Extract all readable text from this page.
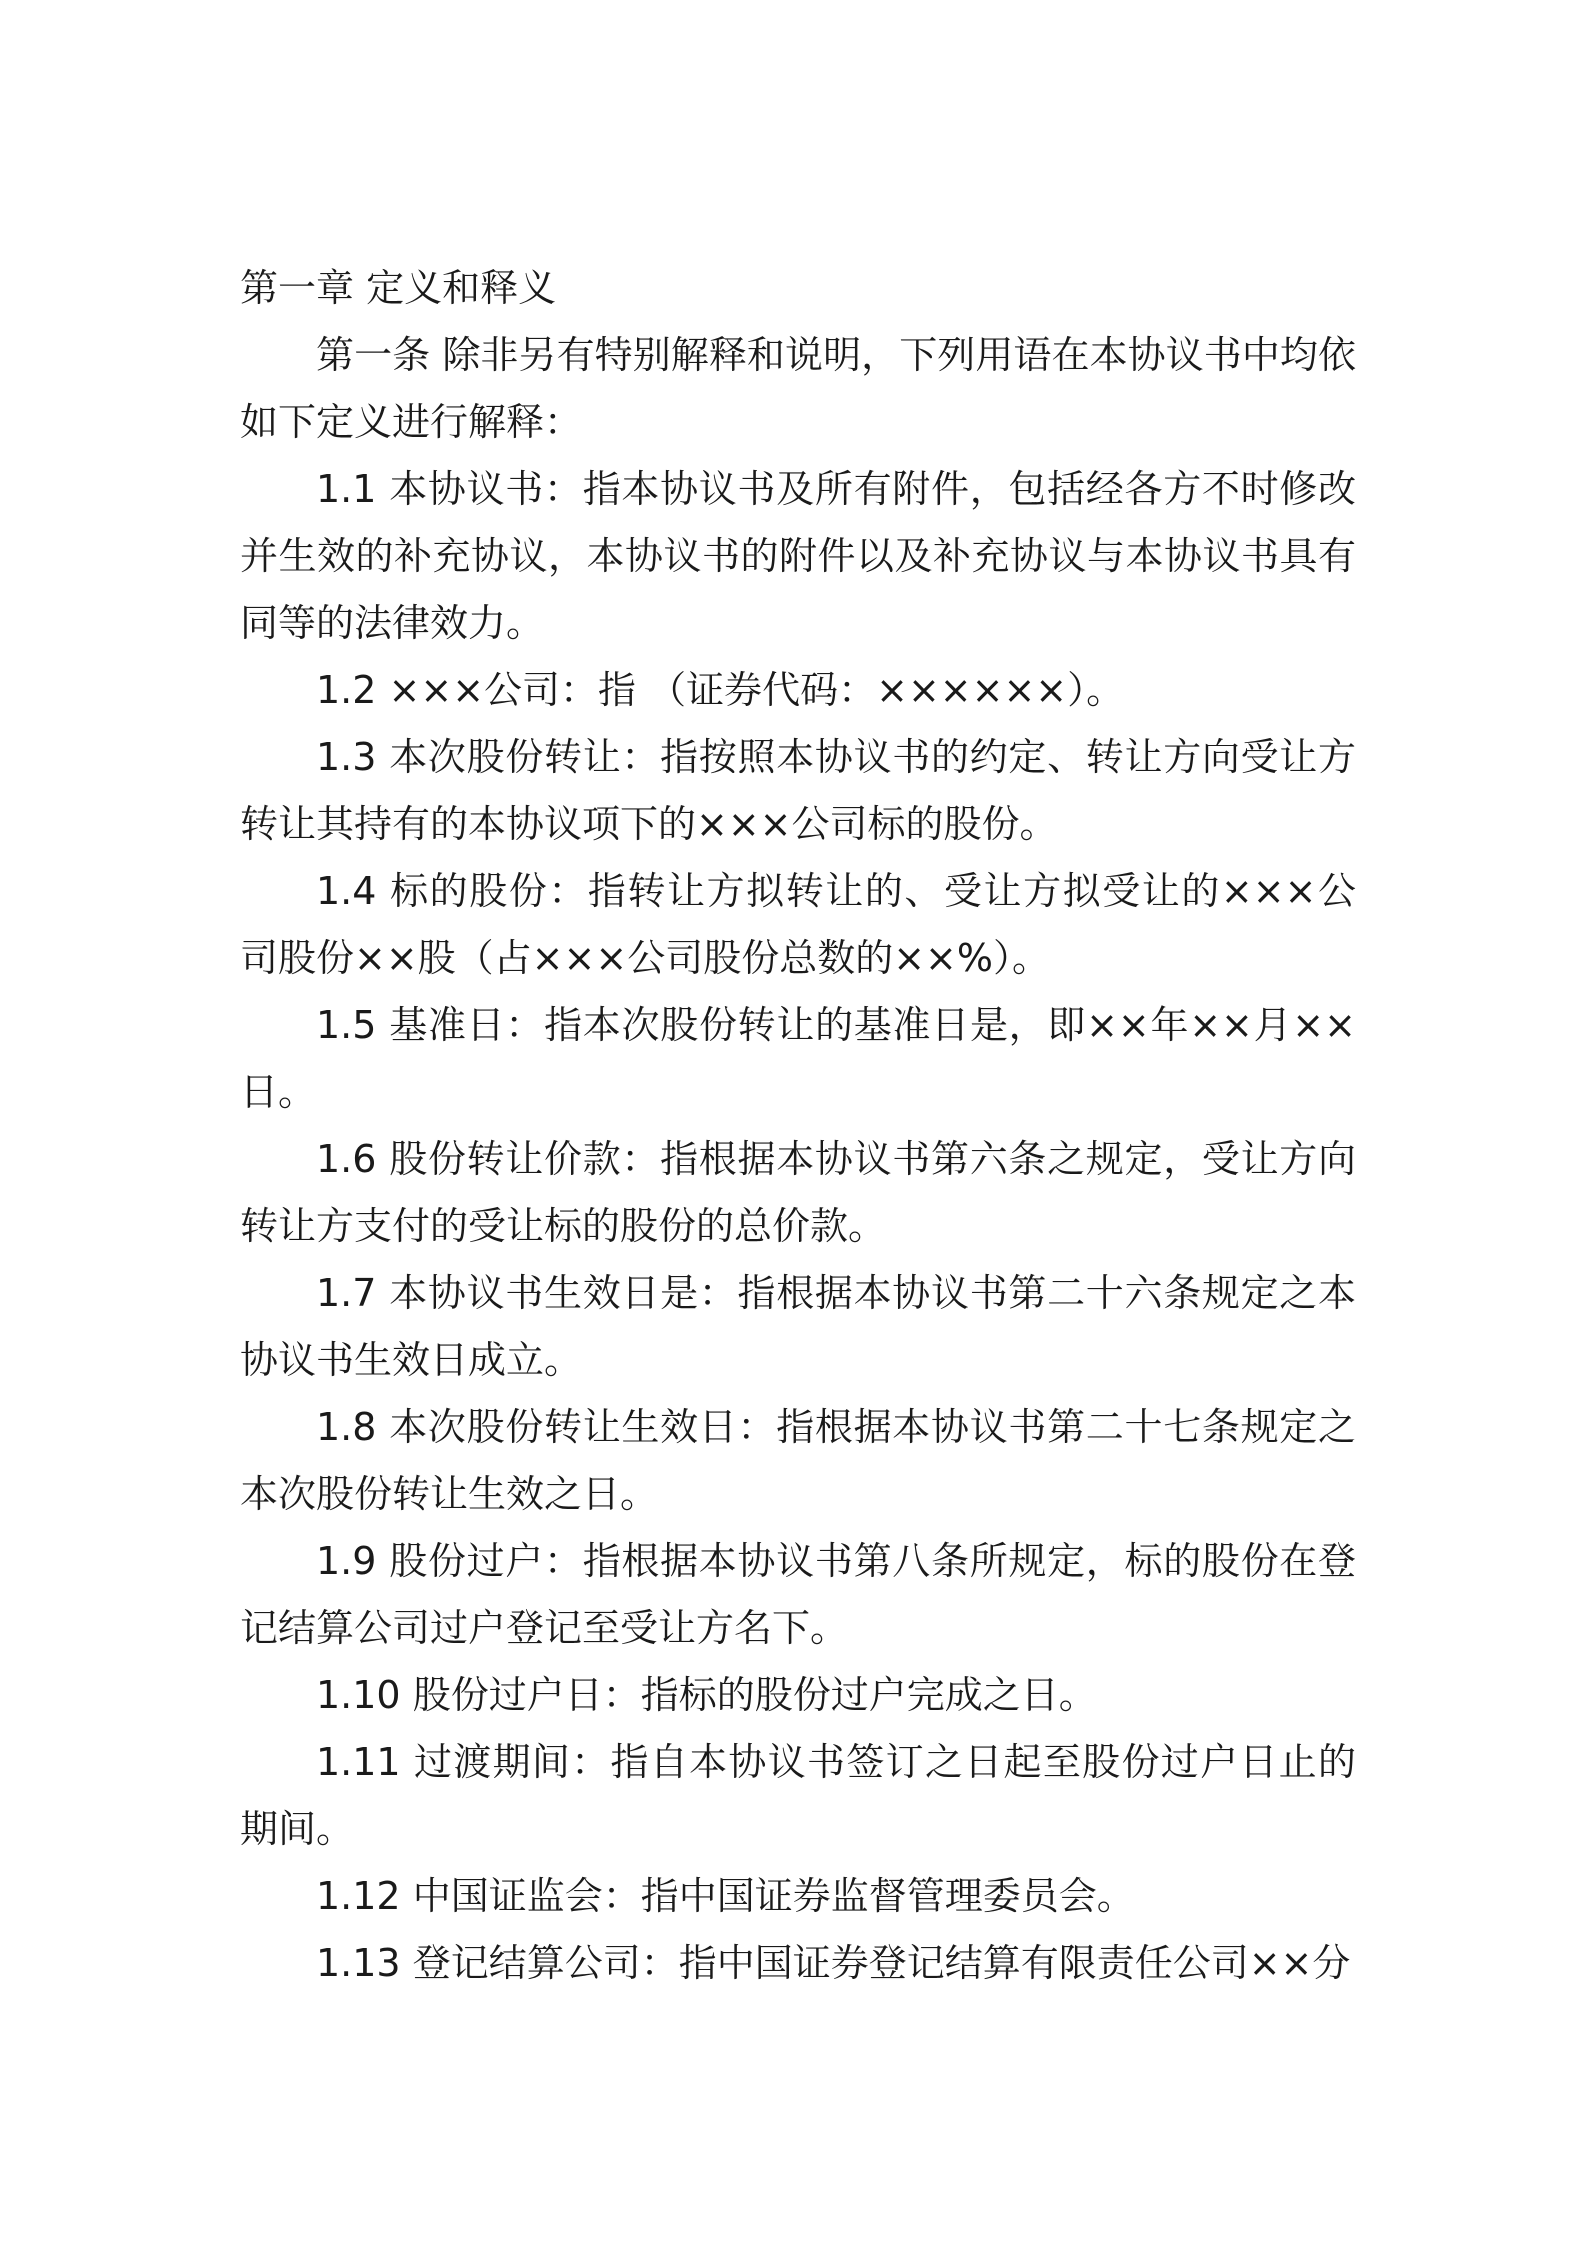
第一章 定义和释义

第一条 除非另有特别解释和说明，下列用语在本协议书中均依如下定义进行解释：

1.1 本协议书：指本协议书及所有附件，包括经各方不时修改并生效的补充协议，本协议书的附件以及补充协议与本协议书具有同等的法律效力。

1.2 ×××公司：指 （证券代码：××××××）。

1.3 本次股份转让：指按照本协议书的约定、转让方向受让方转让其持有的本协议项下的×××公司标的股份。

1.4 标的股份：指转让方拟转让的、受让方拟受让的×××公司股份××股（占×××公司股份总数的××%）。

1.5 基准日：指本次股份转让的基准日是，即××年××月××日。

1.6 股份转让价款：指根据本协议书第六条之规定，受让方向转让方支付的受让标的股份的总价款。

1.7 本协议书生效日是：指根据本协议书第二十六条规定之本协议书生效日成立。

1.8 本次股份转让生效日：指根据本协议书第二十七条规定之本次股份转让生效之日。

1.9 股份过户：指根据本协议书第八条所规定，标的股份在登记结算公司过户登记至受让方名下。

1.10 股份过户日：指标的股份过户完成之日。

1.11 过渡期间：指自本协议书签订之日起至股份过户日止的期间。

1.12 中国证监会：指中国证券监督管理委员会。

1.13 登记结算公司：指中国证券登记结算有限责任公司××分
